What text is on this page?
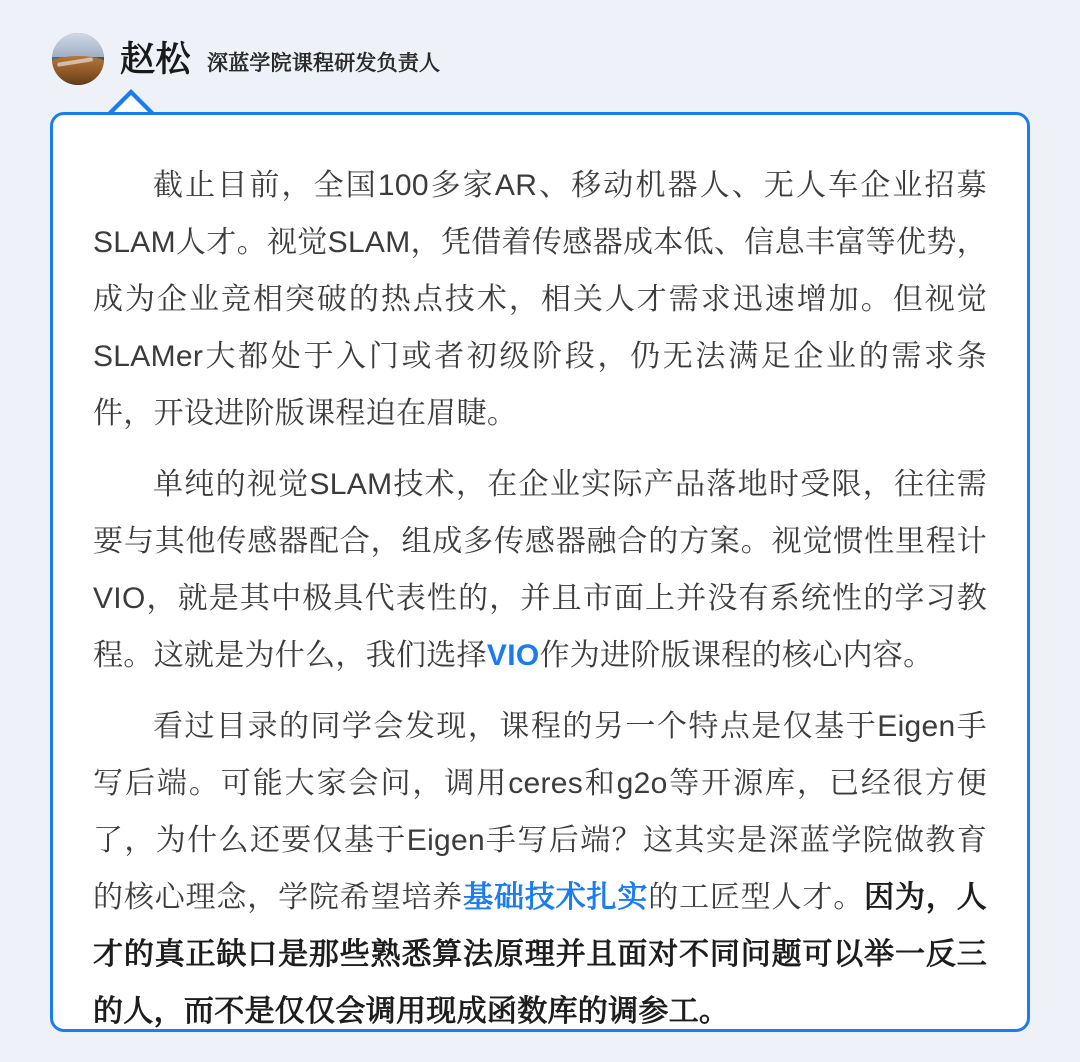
赵松 深蓝学院课程研发负责人
截止目前，全国100多家AR、移动机器人、无人车企业招募SLAM人才。视觉SLAM，凭借着传感器成本低、信息丰富等优势，成为企业竞相突破的热点技术，相关人才需求迅速增加。但视觉SLAMer大都处于入门或者初级阶段，仍无法满足企业的需求条件，开设进阶版课程迫在眉睫。
单纯的视觉SLAM技术，在企业实际产品落地时受限，往往需要与其他传感器配合，组成多传感器融合的方案。视觉惯性里程计VIO，就是其中极具代表性的，并且市面上并没有系统性的学习教程。这就是为什么，我们选择VIO作为进阶版课程的核心内容。
看过目录的同学会发现，课程的另一个特点是仅基于Eigen手写后端。可能大家会问，调用ceres和g2o等开源库，已经很方便了，为什么还要仅基于Eigen手写后端？这其实是深蓝学院做教育的核心理念，学院希望培养基础技术扎实的工匠型人才。因为，人才的真正缺口是那些熟悉算法原理并且面对不同问题可以举一反三的人，而不是仅仅会调用现成函数库的调参工。
